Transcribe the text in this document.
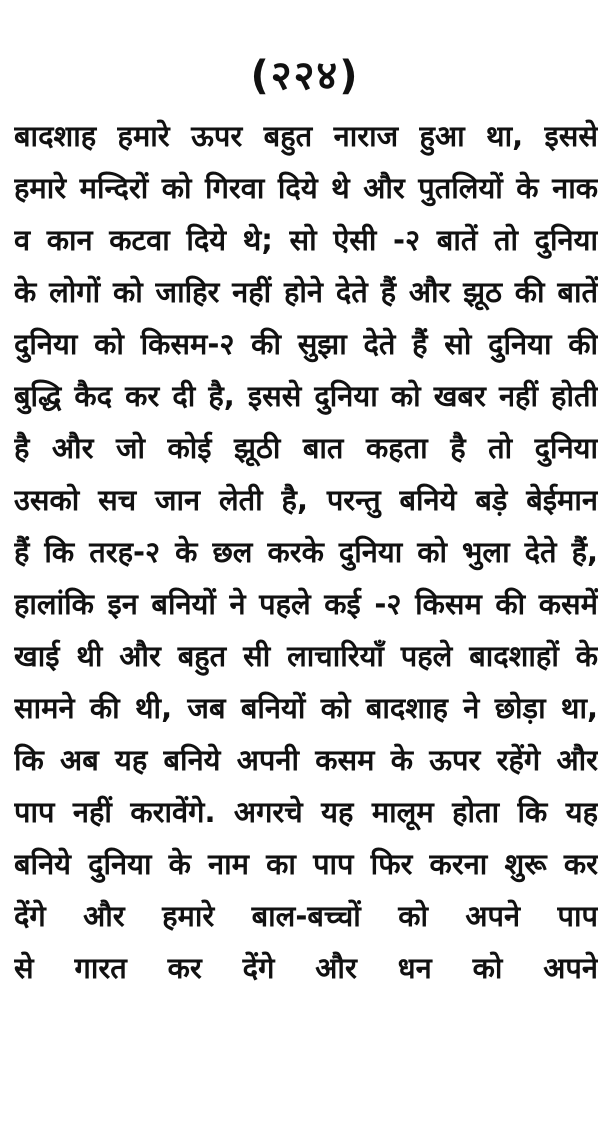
(२२४)
बादशाह हमारे ऊपर बहुत नाराज हुआ था, इससे
हमारे मन्दिरों को गिरवा दिये थे और पुतलियों के नाक
व कान कटवा दिये थे; सो ऐसी -२ बातें तो दुनिया
के लोगों को जाहिर नहीं होने देते हैं और झूठ की बातें
दुनिया को किसम-२ की सुझा देते हैं सो दुनिया की
बुद्धि कैद कर दी है, इससे दुनिया को खबर नहीं होती
है और जो कोई झूठी बात कहता है तो दुनिया
उसको सच जान लेती है, परन्तु बनिये बड़े बेईमान
हैं कि तरह-२ के छल करके दुनिया को भुला देते हैं,
हालांकि इन बनियों ने पहले कई -२ किसम की कसमें
खाई थी और बहुत सी लाचारियाँ पहले बादशाहों के
सामने की थी, जब बनियों को बादशाह ने छोड़ा था,
कि अब यह बनिये अपनी कसम के ऊपर रहेंगे और
पाप नहीं करावेंगे. अगरचे यह मालूम होता कि यह
बनिये दुनिया के नाम का पाप फिर करना शुरू कर
देंगे और हमारे बाल-बच्चों को अपने पाप
से गारत कर देंगे और धन को अपने
